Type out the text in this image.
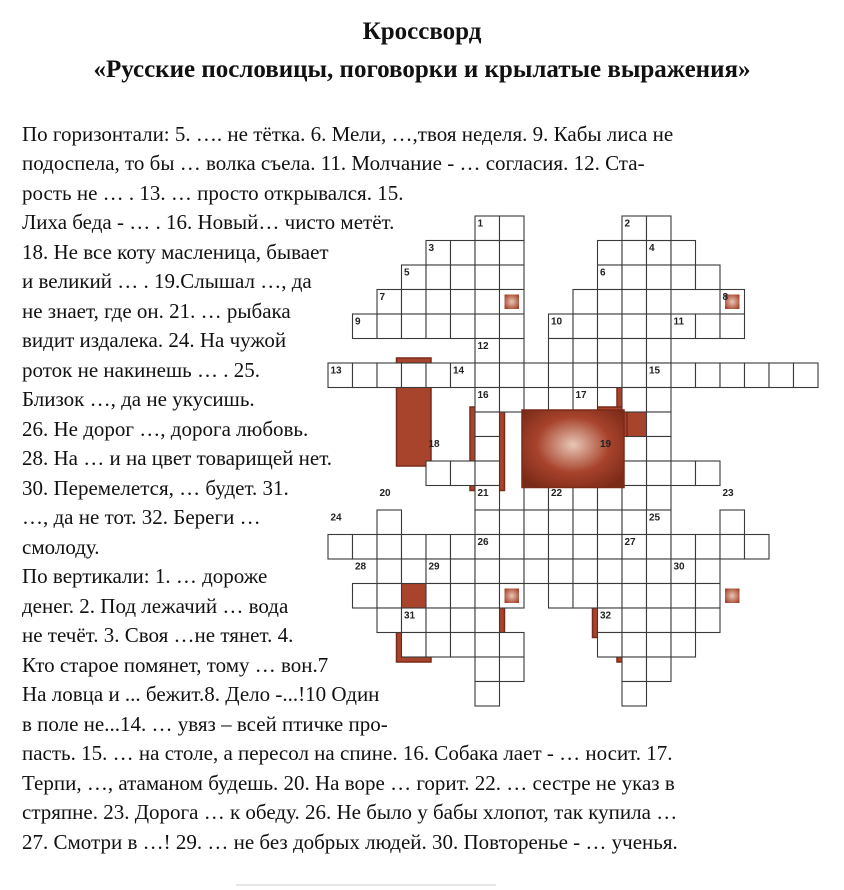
Кроссворд
«Русские пословицы, поговорки и крылатые выражения»
По горизонтали: 5. …. не тётка. 6. Мели, …,твоя неделя. 9. Кабы лиса не
подоспела, то бы … волка съела. 11. Молчание - … согласия. 12. Ста-
рость не … . 13. … просто открывался. 15.
Лиха беда - … . 16. Новый… чисто метёт.
18. Не все коту масленица, бывает
и великий … . 19.Слышал …, да
не знает, где он. 21. … рыбака
видит издалека. 24. На чужой
роток не накинешь … . 25.
Близок …, да не укусишь.
26. Не дорог …, дорога любовь.
28. На … и на цвет товарищей нет.
30. Перемелется, … будет. 31.
…, да не тот. 32. Береги …
смолоду.
По вертикали: 1. … дороже
денег. 2. Под лежачий … вода
не течёт. 3. Своя …не тянет. 4.
Кто старое помянет, тому … вон.7
На ловца и ... бежит.8. Дело -...!10 Один
в поле не...14. … увяз – всей птичке про-
пасть. 15. … на столе, а пересол на спине. 16. Собака лает - … носит. 17.
Терпи, …, атаманом будешь. 20. На воре … горит. 22. … сестре не указ в
стряпне. 23. Дорога … к обеду. 26. Не было у бабы хлопот, так купила …
27. Смотри в …! 29. … не без добрых людей. 30. Повторенье - … ученья.
1	2
3	4
5	6
7	8
9	10	11
12
13	14	15
16	17
18	19
20	21	22	23
24	25
26	27
28	29	30
31	32
